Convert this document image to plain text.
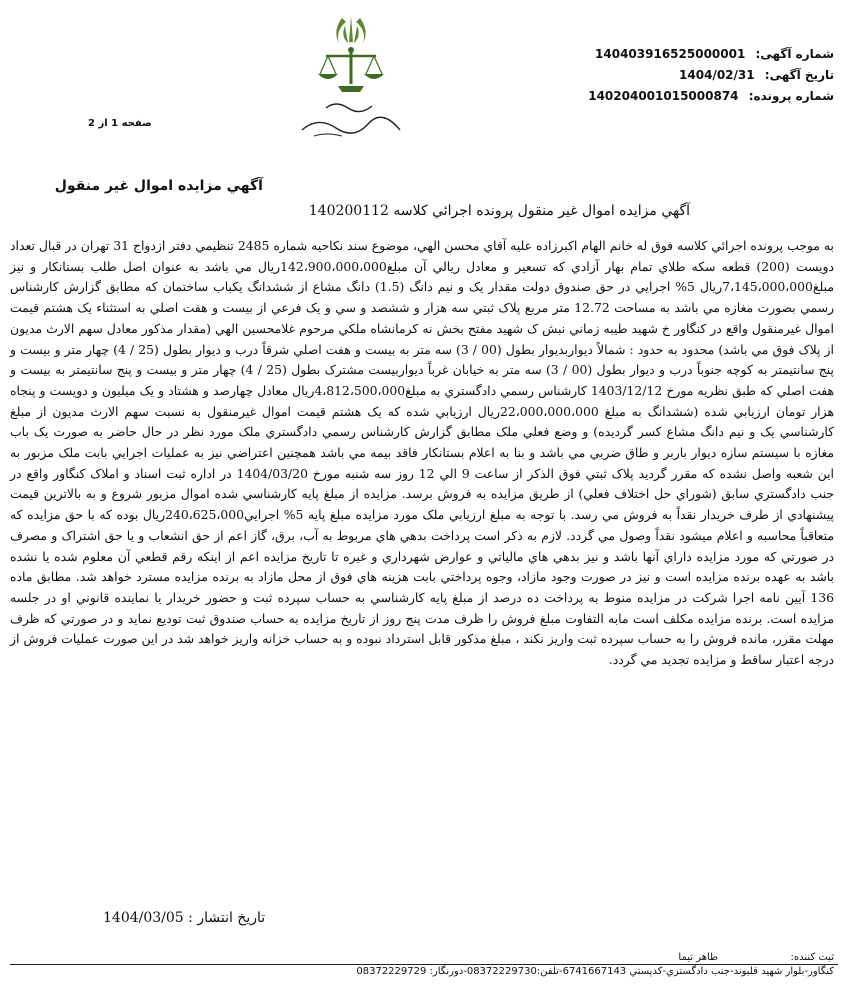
شماره آگهی: 140403916525000001
تاریخ آگهی: 1404/02/31
شماره پرونده: 140204001015000874
صفحه 1 از 2
آگهي مزايده اموال غير منقول
آگهي مزايده اموال غير منقول پرونده اجرائي كلاسه 140200112
به موجب پرونده اجرائي كلاسه فوق له خانم الهام اكبرزاده عليه آقاي محسن الهي، موضوع سند نكاحيه شماره 2485 تنظيمي دفتر ازدواج 31 تهران در قبال تعداد دويست (200) قطعه سكه طلاي تمام بهار آزادي كه تسعير و معادل ريالي آن مبلغ142،900،000،000ريال مي باشد به عنوان اصل طلب بستانكار و نيز مبلغ7،145،000،000ريال 5% اجرايي در حق صندوق دولت مقدار يک و نيم دانگ (1.5) دانگ مشاع از ششدانگ يكباب ساختمان كه مطابق گزارش كارشناس رسمي بصورت مغازه مي باشد به مساحت 12.72 متر مربع پلاک ثبتي سه هزار و ششصد و سي و يک فرعي از بيست و هفت اصلي به استثناء يک هشتم قيمت اموال غيرمنقول واقع در كنگاور خ شهيد طيبه زماني نبش ک شهيد مفتح بخش نه كرمانشاه ملكي مرحوم غلامحسين الهي (مقدار مذكور معادل سهم الارث مديون از پلاک فوق مي باشد) محدود به حدود : شمالاً ديواربديوار بطول (00 / 3) سه متر به بيست و هفت اصلي شرقاً درب و ديوار بطول (25 / 4) چهار متر و بيست و پنج سانتيمتر به كوچه جنوباً درب و ديوار بطول (00 / 3) سه متر به خيابان غرباً ديواربيست مشترک بطول (25 / 4) چهار متر و بيست و پنج سانتيمتر به بيست و هفت اصلي كه طبق نظريه مورخ 1403/12/12 كارشناس رسمي دادگستري به مبلغ4،812،500،000ريال معادل چهارصد و هشتاد و يک ميليون و دويست و پنجاه هزار تومان ارزيابي شده (ششدانگ به مبلغ 22،000،000،000ريال ارزيابي شده كه يک هشتم قيمت اموال غيرمنقول به نسبت سهم الارث مديون از مبلغ كارشناسي يک و نيم دانگ مشاع كسر گرديده) و وضع فعلي ملک مطابق گزارش كارشناس رسمي دادگستري ملک مورد نظر در حال حاضر به صورت يک باب مغازه با سيستم سازه ديوار باربر و طاق ضربي مي باشد و بنا به اعلام بستانكار فاقد بيمه مي باشد همچنين اعتراضي نيز به عمليات اجرايي بابت ملک مزبور به اين شعبه واصل نشده كه مقرر گرديد پلاک ثبتي فوق الذكر از ساعت 9 الي 12 روز سه شنبه مورخ 1404/03/20 در اداره ثبت اسناد و املاک كنگاور واقع در جنب دادگستري سابق (شوراي حل اختلاف فعلي) از طريق مزايده به فروش برسد. مزايده از مبلغ پايه كارشناسي شده اموال مزبور شروع و به بالاترين قيمت پيشنهادي از طرف خريدار نقداً به فروش مي رسد. با توجه به مبلغ ارزيابي ملک مورد مزايده مبلغ پايه 5% اجرايي240،625،000ريال بوده كه با حق مزايده كه متعاقباً محاسبه و اعلام ميشود نقداً وصول مي گردد. لازم به ذكر است پرداخت بدهي هاي مربوط به آب، برق، گاز اعم از حق انشعاب و يا حق اشتراک و مصرف در صورتي كه مورد مزايده داراي آنها باشد و نيز بدهي هاي مالياتي و عوارض شهرداري و غيره تا تاريخ مزايده اعم از اينكه رقم قطعي آن معلوم شده يا نشده باشد به عهده برنده مزايده است و نيز در صورت وجود مازاد، وجوه پرداختي بابت هزينه هاي فوق از محل مازاد به برنده مزايده مسترد خواهد شد. مطابق ماده 136 آيين نامه اجرا شركت در مزايده منوط به پرداخت ده درصد از مبلغ پايه كارشناسي به حساب سپرده ثبت و حضور خريدار يا نماينده قانوني او در جلسه مزايده است. برنده مزايده مكلف است مابه التفاوت مبلغ فروش را ظرف مدت پنج روز از تاريخ مزايده به حساب صندوق ثبت توديع نمايد و در صورتي كه ظرف مهلت مقرر، مانده فروش را به حساب سپرده ثبت واريز نكند ، مبلغ مذكور قابل استرداد نبوده و به حساب خزانه واريز خواهد شد در اين صورت عمليات فروش از درجه اعتبار ساقط و مزايده تجديد مي گردد.
تاريخ انتشار : 1404/03/05
ثبت كننده:
طاهر تيما
كنگاور-بلوار شهيد قليوند-جنب دادگستري-كدپستي 6741667143-تلفن:08372229730-دورنگار: 08372229729
